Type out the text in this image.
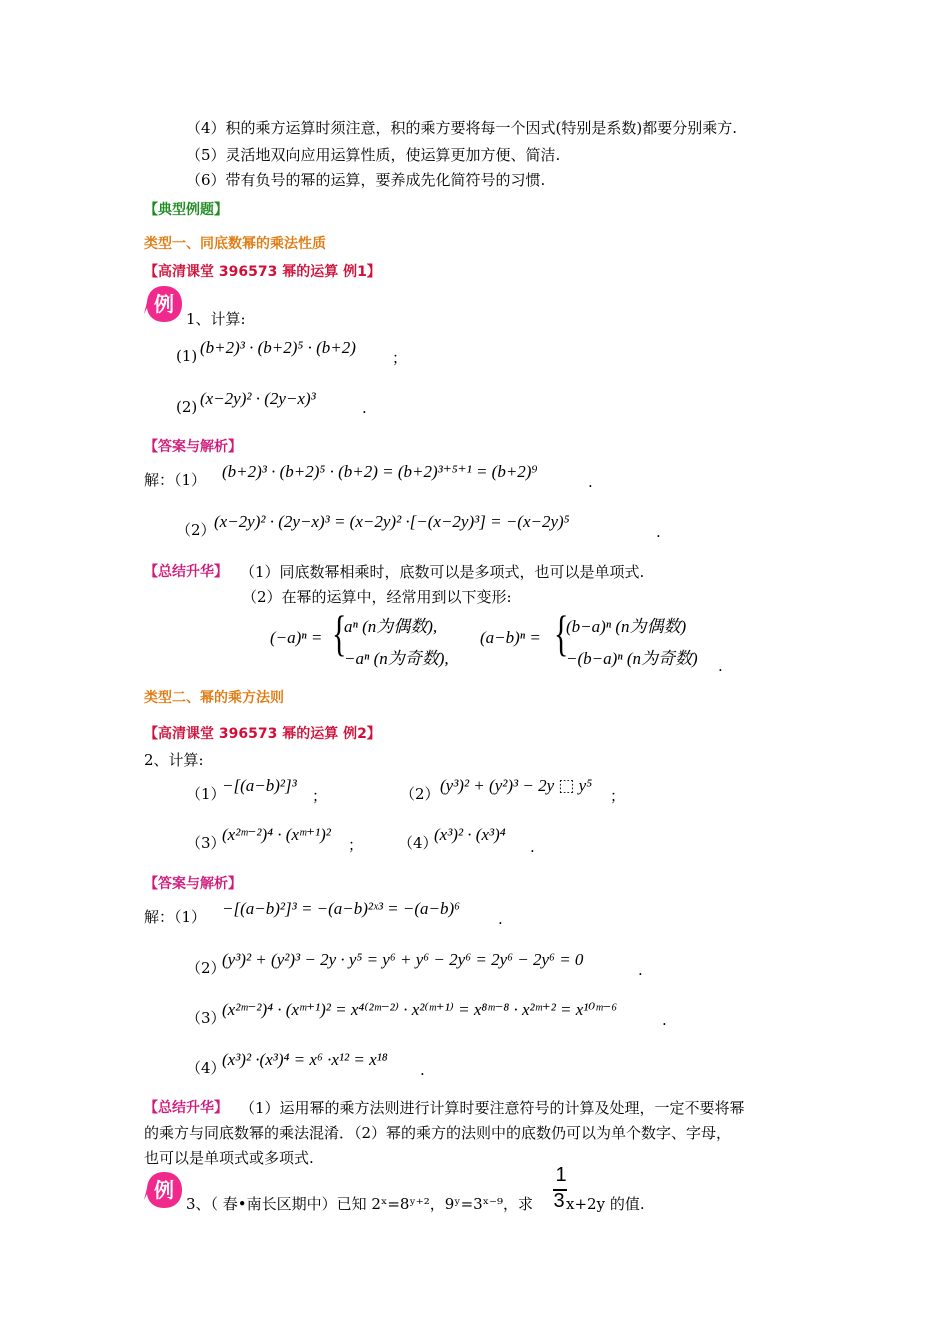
（4）积的乘方运算时须注意，积的乘方要将每一个因式(特别是系数)都要分别乘方.
（5）灵活地双向应用运算性质，使运算更加方便、简洁.
（6）带有负号的幂的运算，要养成先化简符号的习惯.
【典型例题】
类型一、同底数幂的乘法性质
【高清课堂 396573 幂的运算 例1】
例
1、计算:
(1) (b+2)³ · (b+2)⁵ · (b+2)
；
(2) (x−2y)² · (2y−x)³	.
【答案与解析】
解：（1） (b+2)³ · (b+2)⁵ · (b+2) = (b+2)³⁺⁵⁺¹ = (b+2)⁹
.
（2）
(x−2y)² · (2y−x)³ = (x−2y)² ·[−(x−2y)³] = −(x−2y)⁵
.
【总结升华】 （1）同底数幂相乘时，底数可以是多项式，也可以是单项式.
（2）在幂的运算中，经常用到以下变形:
(−a)ⁿ = {
aⁿ (n为偶数),
−aⁿ (n为奇数),
(a−b)ⁿ = {
(b−a)ⁿ (n为偶数)
−(b−a)ⁿ (n为奇数) .
类型二、幂的乘方法则
【高清课堂 396573 幂的运算 例2】
2、计算:
（1）
−[(a−b)²]³
；	（2） (y³)² + (y²)³ − 2y ⬚ y⁵
；
（3）
(x²ᵐ⁻²)⁴ · (xᵐ⁺¹)²
； （4）
(x³)² · (x³)⁴
.
【答案与解析】
解：（1） −[(a−b)²]³ = −(a−b)²ˣ³ = −(a−b)⁶
.
（2）
(y³)² + (y²)³ − 2y · y⁵ = y⁶ + y⁶ − 2y⁶ = 2y⁶ − 2y⁶ = 0
.
（3）
(x²ᵐ⁻²)⁴ · (xᵐ⁺¹)² = x⁴⁽²ᵐ⁻²⁾ · x²⁽ᵐ⁺¹⁾ = x⁸ᵐ⁻⁸ · x²ᵐ⁺² = x¹⁰ᵐ⁻⁶
.
（4）
(x³)² ·(x³)⁴ = x⁶ ·x¹² = x¹⁸
.
【总结升华】 （1）运用幂的乘方法则进行计算时要注意符号的计算及处理，一定不要将幂
的乘方与同底数幂的乘法混淆．（2）幂的乘方的法则中的底数仍可以为单个数字、字母，
也可以是单项式或多项式.
例
3、（ 春•南长区期中）已知 2ˣ=8ʸ⁺²，9ʸ=3ˣ⁻⁹，求
1
3 x+2y 的值.
